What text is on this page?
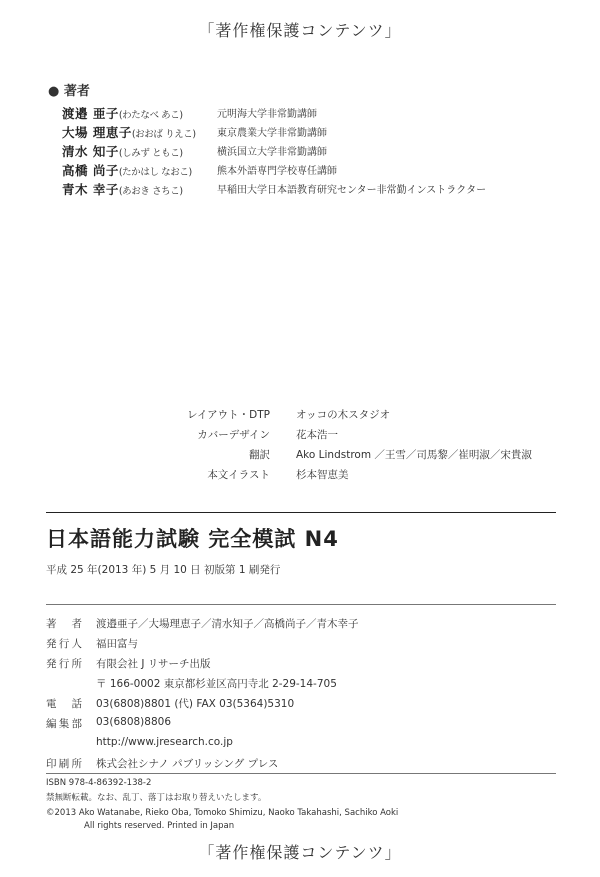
「著作権保護コンテンツ」
● 著者
渡邉 亜子(わたなべ あこ)	元明海大学非常勤講師
大場 理恵子(おおば りえこ) 東京農業大学非常勤講師
清水 知子(しみず ともこ)	横浜国立大学非常勤講師
高橋 尚子(たかはし なおこ)	熊本外語専門学校専任講師
青木 幸子(あおき さちこ)	早稲田大学日本語教育研究センター非常勤インストラクター
レイアウト・DTP オッコの木スタジオ
カバーデザイン 花本浩一
翻訳 Ako Lindstrom ／王雪／司馬黎／崔明淑／宋貴淑
本文イラスト 杉本智恵美
日本語能力試験 完全模試 N4
平成 25 年(2013 年) 5 月 10 日 初版第 1 刷発行
著者 渡邉亜子／大場理恵子／清水知子／高橋尚子／青木幸子
発行人 福田富与
発行所 有限会社 J リサーチ出版
〒 166-0002 東京都杉並区高円寺北 2-29-14-705
電話 03(6808)8801 (代) FAX 03(5364)5310
編集部 03(6808)8806
http://www.jresearch.co.jp
印刷所 株式会社シナノ パブリッシング プレス
ISBN 978-4-86392-138-2
禁無断転載。なお、乱丁、落丁はお取り替えいたします。
©2013 Ako Watanabe, Rieko Oba, Tomoko Shimizu, Naoko Takahashi, Sachiko Aoki
All rights reserved. Printed in Japan
「著作権保護コンテンツ」
